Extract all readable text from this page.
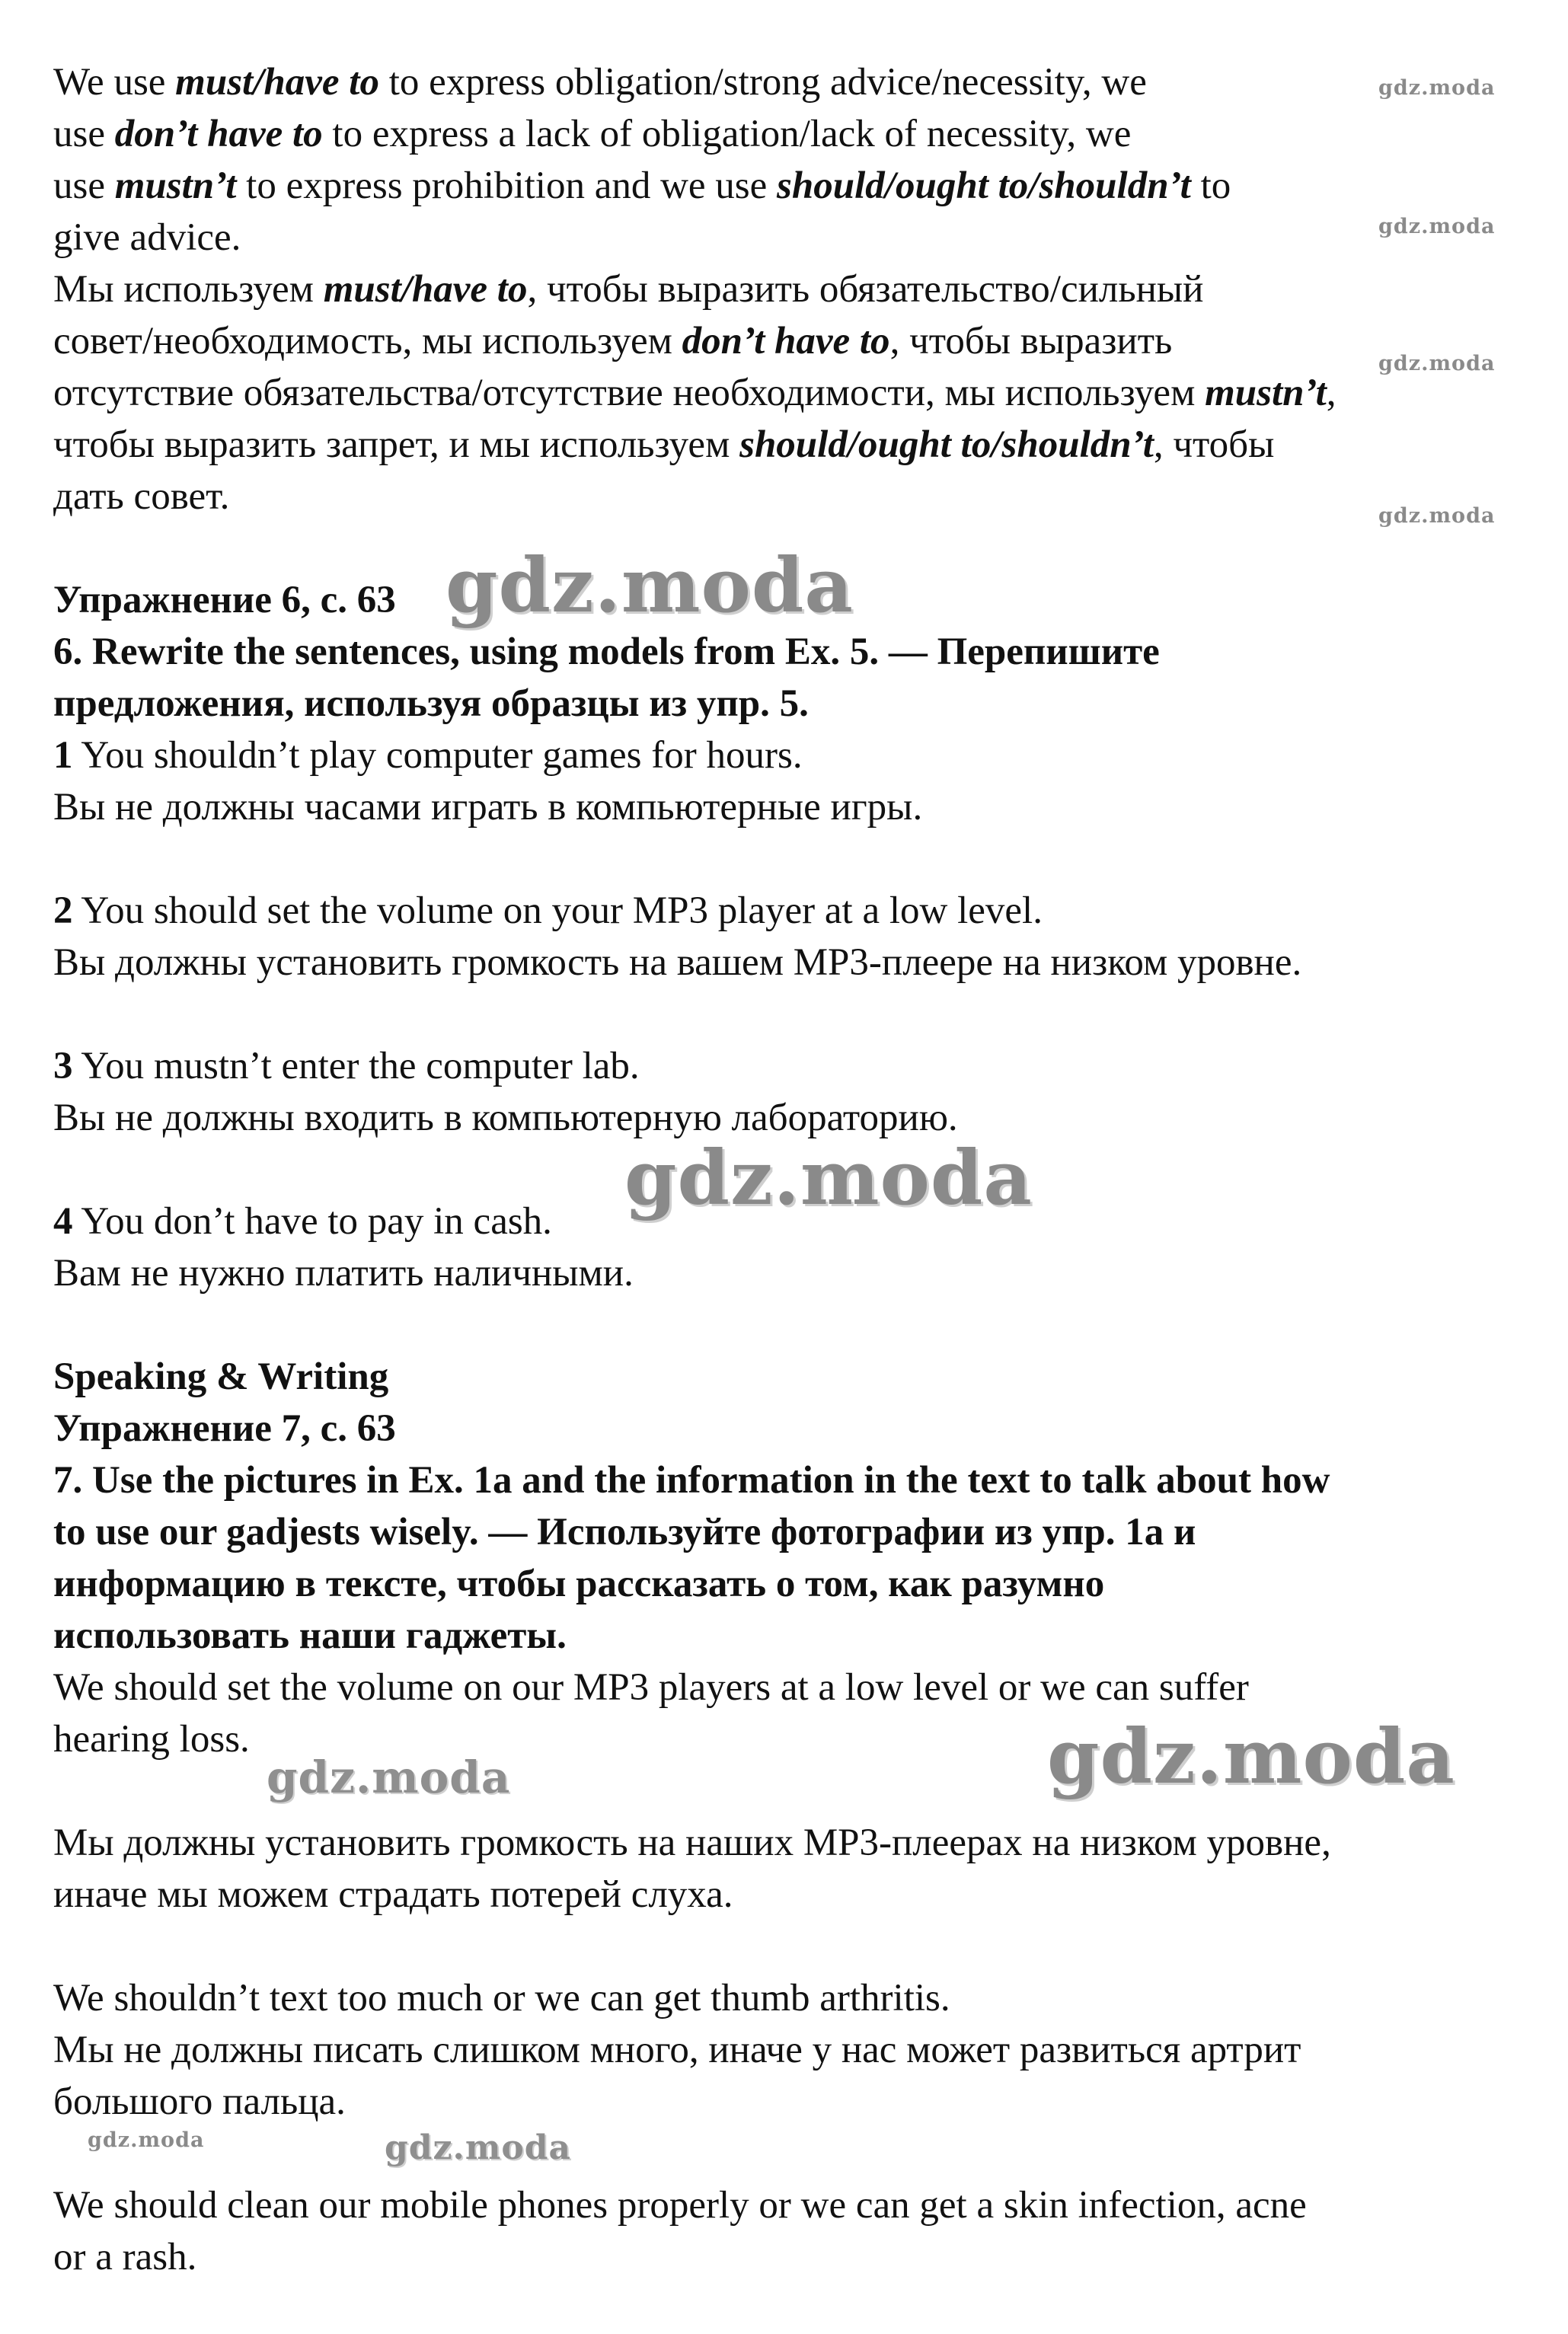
We use must/have to to express obligation/strong advice/necessity, we
use don’t have to to express a lack of obligation/lack of necessity, we
use mustn’t to express prohibition and we use should/ought to/shouldn’t to
give advice.
Мы используем must/have to, чтобы выразить обязательство/сильный
совет/необходимость, мы используем don’t have to, чтобы выразить
отсутствие обязательства/отсутствие необходимости, мы используем mustn’t,
чтобы выразить запрет, и мы используем should/ought to/shouldn’t, чтобы
дать совет.
Упражнение 6, с. 63
6. Rewrite the sentences, using models from Ex. 5. — Перепишите
предложения, используя образцы из упр. 5.
1 You shouldn’t play computer games for hours.
Вы не должны часами играть в компьютерные игры.
2 You should set the volume on your MP3 player at a low level.
Вы должны установить громкость на вашем MP3-плеере на низком уровне.
3 You mustn’t enter the computer lab.
Вы не должны входить в компьютерную лабораторию.
4 You don’t have to pay in cash.
Вам не нужно платить наличными.
Speaking & Writing
Упражнение 7, с. 63
7. Use the pictures in Ex. 1a and the information in the text to talk about how
to use our gadjests wisely. — Используйте фотографии из упр. 1а и
информацию в тексте, чтобы рассказать о том, как разумно
использовать наши гаджеты.
We should set the volume on our MP3 players at a low level or we can suffer
hearing loss.
Мы должны установить громкость на наших MP3-плеерах на низком уровне,
иначе мы можем страдать потерей слуха.
We shouldn’t text too much or we can get thumb arthritis.
Мы не должны писать слишком много, иначе у нас может развиться артрит
большого пальца.
We should clean our mobile phones properly or we can get a skin infection, acne
or a rash.
gdz.moda
gdz.moda
gdz.moda
gdz.moda
gdz.moda
gdz.moda
gdz.moda	gdz.moda
gdz.moda	gdz.moda
